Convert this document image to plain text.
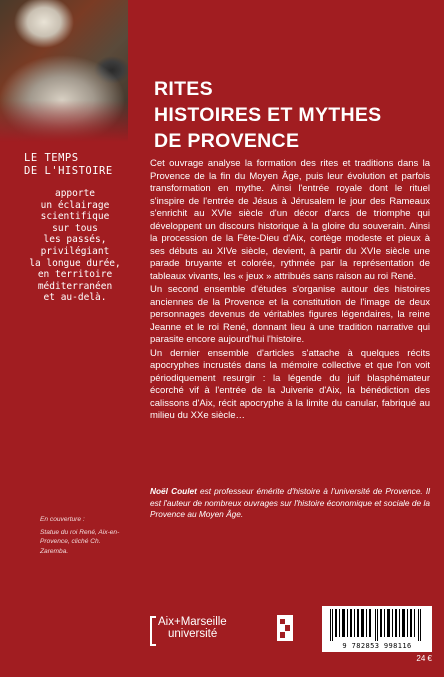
RITES
HISTOIRES ET MYTHES
DE PROVENCE

LE TEMPS
DE L'HISTOIRE

apporte
un éclairage
scientifique
sur tous
les passés,
privilégiant
la longue durée,
en territoire
méditerranéen
et au-delà.

En couverture :

Statue du roi René, Aix-en-Provence, cliché Ch. Zaremba.

Cet ouvrage analyse la formation des rites et traditions dans la Provence de la fin du Moyen Âge, puis leur évolution et parfois transformation en mythe. Ainsi l'entrée royale dont le rituel s'inspire de l'entrée de Jésus à Jérusalem le jour des Rameaux s'enrichit au XVIe siècle d'un décor d'arcs de triomphe qui développent un discours historique à la gloire du souverain. Ainsi la procession de la Fête-Dieu d'Aix, cortège modeste et pieux à ses débuts au XIVe siècle, devient, à partir du XVIe siècle une parade bruyante et colorée, rythmée par la représentation de tableaux vivants, les « jeux » attribués sans raison au roi René.

Un second ensemble d'études s'organise autour des histoires anciennes de la Provence et la constitution de l'image de deux personnages devenus de véritables figures légendaires, la reine Jeanne et le roi René, donnant lieu à une tradition narrative qui parasite encore aujourd'hui l'histoire.

Un dernier ensemble d'articles s'attache à quelques récits apocryphes incrustés dans la mémoire collective et que l'on voit périodiquement resurgir : la légende du juif blasphémateur écorché vif à l'entrée de la Juiverie d'Aix, la bénédiction des calissons d'Aix, récit apocryphe à la limite du canular, fabriqué au milieu du XXe siècle…

Noël Coulet est professeur émérite d'histoire à l'université de Provence. Il est l'auteur de nombreux ouvrages sur l'histoire économique et sociale de la Provence au Moyen Âge.
Aix+Marseille
université
9 782853 998116
24 €
